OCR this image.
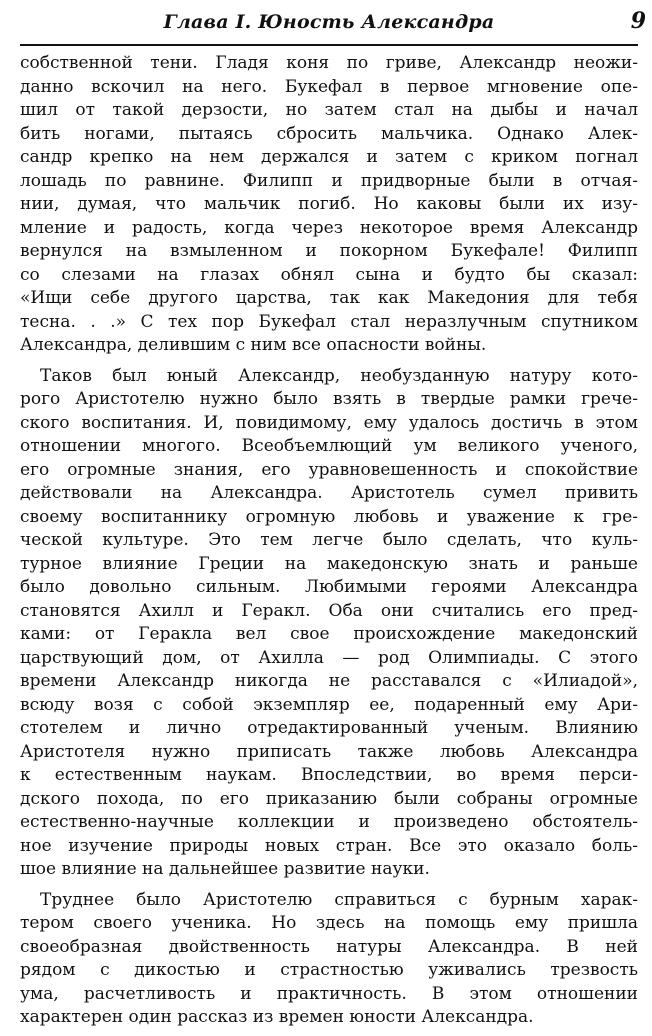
Глава I. Юность Александра	9
собственной тени. Гладя коня по гриве, Александр неожи-
данно вскочил на него. Букефал в первое мгновение опе-
шил от такой дерзости, но затем стал на дыбы и начал
бить ногами, пытаясь сбросить мальчика. Однако Алек-
сандр крепко на нем держался и затем с криком погнал
лошадь по равнине. Филипп и придворные были в отчая-
нии, думая, что мальчик погиб. Но каковы были их изу-
мление и радость, когда через некоторое время Александр
вернулся на взмыленном и покорном Букефале! Филипп
со слезами на глазах обнял сына и будто бы сказал:
«Ищи себе другого царства, так как Македония для тебя
тесна. . .» С тех пор Букефал стал неразлучным спутником
Александра, делившим с ним все опасности войны.
Таков был юный Александр, необузданную натуру кото-
рого Аристотелю нужно было взять в твердые рамки грече-
ского воспитания. И, повидимому, ему удалось достичь в этом
отношении многого. Всеобъемлющий ум великого ученого,
его огромные знания, его уравновешенность и спокойствие
действовали на Александра. Аристотель сумел привить
своему воспитаннику огромную любовь и уважение к гре-
ческой культуре. Это тем легче было сделать, что куль-
турное влияние Греции на македонскую знать и раньше
было довольно сильным. Любимыми героями Александра
становятся Ахилл и Геракл. Оба они считались его пред-
ками: от Геракла вел свое происхождение македонский
царствующий дом, от Ахилла — род Олимпиады. С этого
времени Александр никогда не расставался с «Илиадой»,
всюду возя с собой экземпляр ее, подаренный ему Ари-
стотелем и лично отредактированный ученым. Влиянию
Аристотеля нужно приписать также любовь Александра
к естественным наукам. Впоследствии, во время перси-
дского похода, по его приказанию были собраны огромные
естественно-научные коллекции и произведено обстоятель-
ное изучение природы новых стран. Все это оказало боль-
шое влияние на дальнейшее развитие науки.
Труднее было Аристотелю справиться с бурным харак-
тером своего ученика. Но здесь на помощь ему пришла
своеобразная двойственность натуры Александра. В ней
рядом с дикостью и страстностью уживались трезвость
ума, расчетливость и практичность. В этом отношении
характерен один рассказ из времен юности Александра.
